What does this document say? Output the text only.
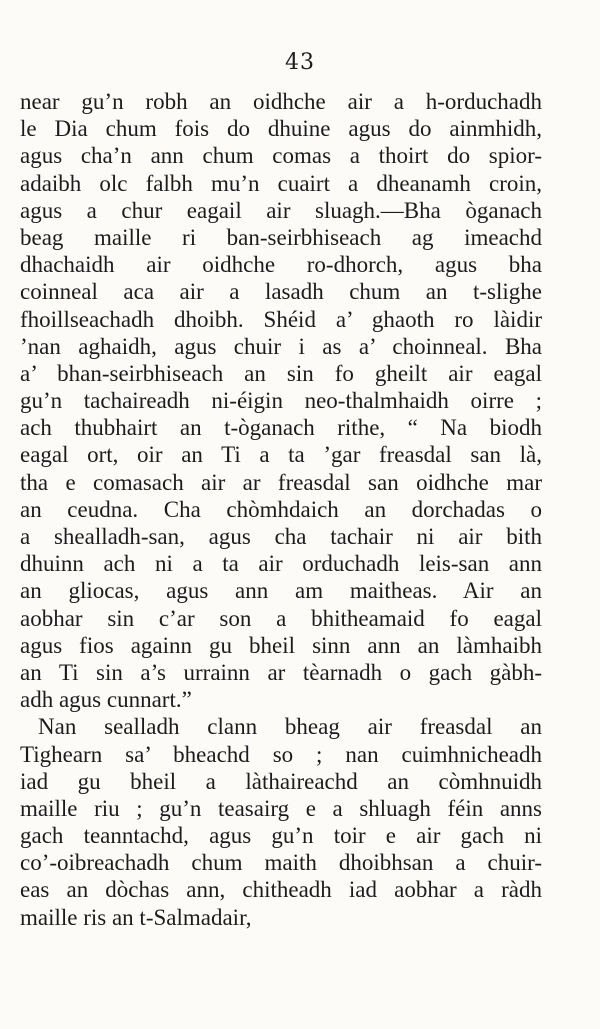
43
near gu’n robh an oidhche air a h-orduchadh
le Dia chum fois do dhuine agus do ainmhidh,
agus cha’n ann chum comas a thoirt do spior-
adaibh olc falbh mu’n cuairt a dheanamh croin,
agus a chur eagail air sluagh.—Bha òganach
beag maille ri ban-seirbhiseach ag imeachd
dhachaidh air oidhche ro-dhorch, agus bha
coinneal aca air a lasadh chum an t-slighe
fhoillseachadh dhoibh. Shéid a’ ghaoth ro làidir
’nan aghaidh, agus chuir i as a’ choinneal. Bha
a’ bhan-seirbhiseach an sin fo gheilt air eagal
gu’n tachaireadh ni-éigin neo-thalmhaidh oirre ;
ach thubhairt an t-òganach rithe, “ Na biodh
eagal ort, oir an Ti a ta ’gar freasdal san là,
tha e comasach air ar freasdal san oidhche mar
an ceudna. Cha chòmhdaich an dorchadas o
a shealladh-san, agus cha tachair ni air bith
dhuinn ach ni a ta air orduchadh leis-san ann
an gliocas, agus ann am maitheas. Air an
aobhar sin c’ar son a bhitheamaid fo eagal
agus fios againn gu bheil sinn ann an làmhaibh
an Ti sin a’s urrainn ar tèarnadh o gach gàbh-
adh agus cunnart.”
Nan sealladh clann bheag air freasdal an
Tighearn sa’ bheachd so ; nan cuimhnicheadh
iad gu bheil a làthaireachd an còmhnuidh
maille riu ; gu’n teasairg e a shluagh féin anns
gach teanntachd, agus gu’n toir e air gach ni
co’-oibreachadh chum maith dhoibhsan a chuir-
eas an dòchas ann, chitheadh iad aobhar a ràdh
maille ris an t-Salmadair,
